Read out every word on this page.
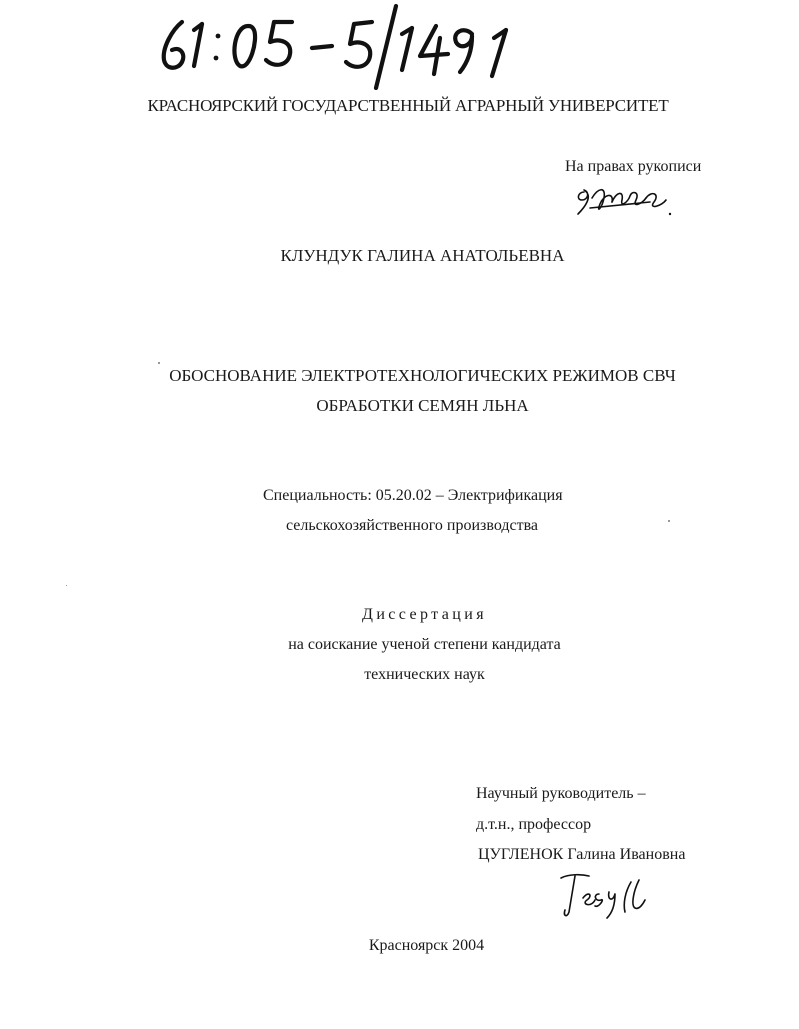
КРАСНОЯРСКИЙ ГОСУДАРСТВЕННЫЙ АГРАРНЫЙ УНИВЕРСИТЕТ
На правах рукописи
КЛУНДУК ГАЛИНА АНАТОЛЬЕВНА
ОБОСНОВАНИЕ ЭЛЕКТРОТЕХНОЛОГИЧЕСКИХ РЕЖИМОВ СВЧ
ОБРАБОТКИ СЕМЯН ЛЬНА
Специальность: 05.20.02 – Электрификация
сельскохозяйственного производства
Диссертация
на соискание ученой степени кандидата
технических наук
Научный руководитель –
д.т.н., профессор
ЦУГЛЕНОК Галина Ивановна
Красноярск 2004
